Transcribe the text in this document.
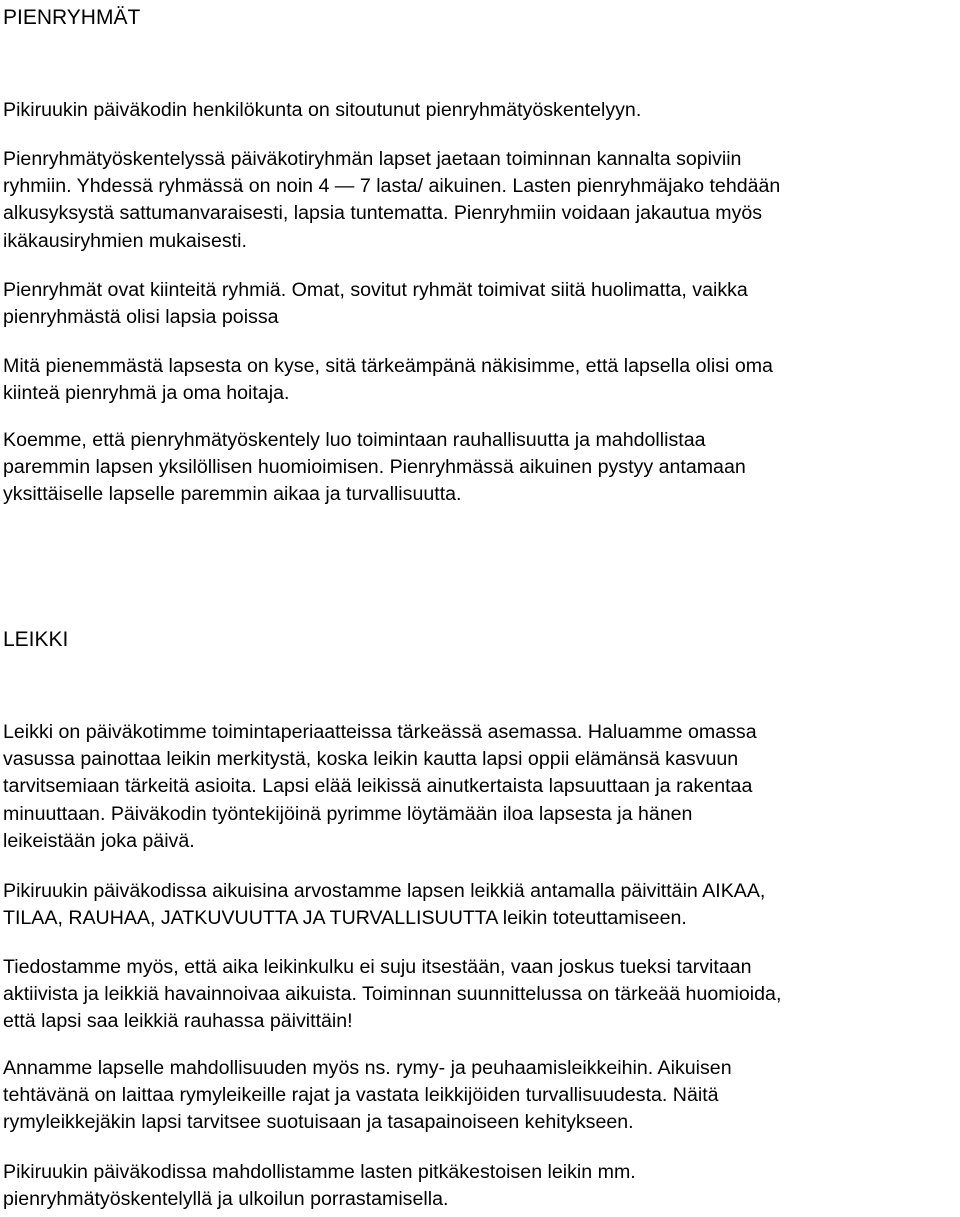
PIENRYHMÄT

Pikiruukin päiväkodin henkilökunta on sitoutunut pienryhmätyöskentelyyn.

Pienryhmätyöskentelyssä päiväkotiryhmän lapset jaetaan toiminnan kannalta sopiviin
ryhmiin. Yhdessä ryhmässä on noin 4 — 7 lasta/ aikuinen. Lasten pienryhmäjako tehdään
alkusyksystä sattumanvaraisesti, lapsia tuntematta. Pienryhmiin voidaan jakautua myös
ikäkausiryhmien mukaisesti.

Pienryhmät ovat kiinteitä ryhmiä. Omat, sovitut ryhmät toimivat siitä huolimatta, vaikka
pienryhmästä olisi lapsia poissa

Mitä pienemmästä lapsesta on kyse, sitä tärkeämpänä näkisimme, että lapsella olisi oma
kiinteä pienryhmä ja oma hoitaja.

Koemme, että pienryhmätyöskentely luo toimintaan rauhallisuutta ja mahdollistaa
paremmin lapsen yksilöllisen huomioimisen. Pienryhmässä aikuinen pystyy antamaan
yksittäiselle lapselle paremmin aikaa ja turvallisuutta.

LEIKKI

Leikki on päiväkotimme toimintaperiaatteissa tärkeässä asemassa. Haluamme omassa
vasussa painottaa leikin merkitystä, koska leikin kautta lapsi oppii elämänsä kasvuun
tarvitsemiaan tärkeitä asioita. Lapsi elää leikissä ainutkertaista lapsuuttaan ja rakentaa
minuuttaan. Päiväkodin työntekijöinä pyrimme löytämään iloa lapsesta ja hänen
leikeistään joka päivä.

Pikiruukin päiväkodissa aikuisina arvostamme lapsen leikkiä antamalla päivittäin AIKAA,
TILAA, RAUHAA, JATKUVUUTTA JA TURVALLISUUTTA leikin toteuttamiseen.

Tiedostamme myös, että aika leikinkulku ei suju itsestään, vaan joskus tueksi tarvitaan
aktiivista ja leikkiä havainnoivaa aikuista. Toiminnan suunnittelussa on tärkeää huomioida,
että lapsi saa leikkiä rauhassa päivittäin!

Annamme lapselle mahdollisuuden myös ns. rymy- ja peuhaamisleikkeihin. Aikuisen
tehtävänä on laittaa rymyleikeille rajat ja vastata leikkijöiden turvallisuudesta. Näitä
rymyleikkejäkin lapsi tarvitsee suotuisaan ja tasapainoiseen kehitykseen.

Pikiruukin päiväkodissa mahdollistamme lasten pitkäkestoisen leikin mm.
pienryhmätyöskentelyllä ja ulkoilun porrastamisella.
